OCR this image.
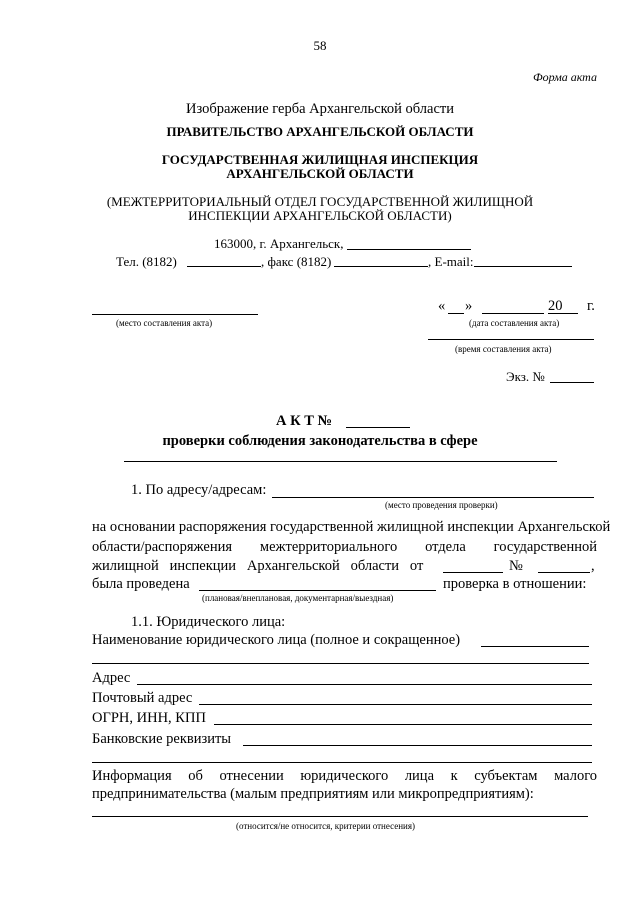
58
Форма акта
Изображение герба Архангельской области
ПРАВИТЕЛЬСТВО АРХАНГЕЛЬСКОЙ ОБЛАСТИ
ГОСУДАРСТВЕННАЯ ЖИЛИЩНАЯ ИНСПЕКЦИЯ
АРХАНГЕЛЬСКОЙ ОБЛАСТИ
(МЕЖТЕРРИТОРИАЛЬНЫЙ ОТДЕЛ ГОСУДАРСТВЕННОЙ ЖИЛИЩНОЙ
ИНСПЕКЦИИ АРХАНГЕЛЬСКОЙ ОБЛАСТИ)
163000, г. Архангельск,
Тел. (8182)	, факс (8182)	, E-mail:
(место составления акта)
« »	20 г.
(дата составления акта)
(время составления акта)
Экз. №
А К Т №
проверки соблюдения законодательства в сфере
1. По адресу/адресам:
(место проведения проверки)
на основании распоряжения государственной жилищной инспекции Архангельской
области/распоряжения межтерриториального отдела государственной
жилищной   инспекции   Архангельской   области   от	№	,
была проведена	проверка в отношении:
(плановая/внеплановая, документарная/выездная)
1.1. Юридического лица:
Наименование юридического лица (полное и сокращенное)
Адрес
Почтовый адрес
ОГРН, ИНН, КПП
Банковские реквизиты
Информация об отнесении юридического лица к субъектам малого
предпринимательства (малым предприятиям или микропредприятиям):
(относится/не относится, критерии отнесения)
